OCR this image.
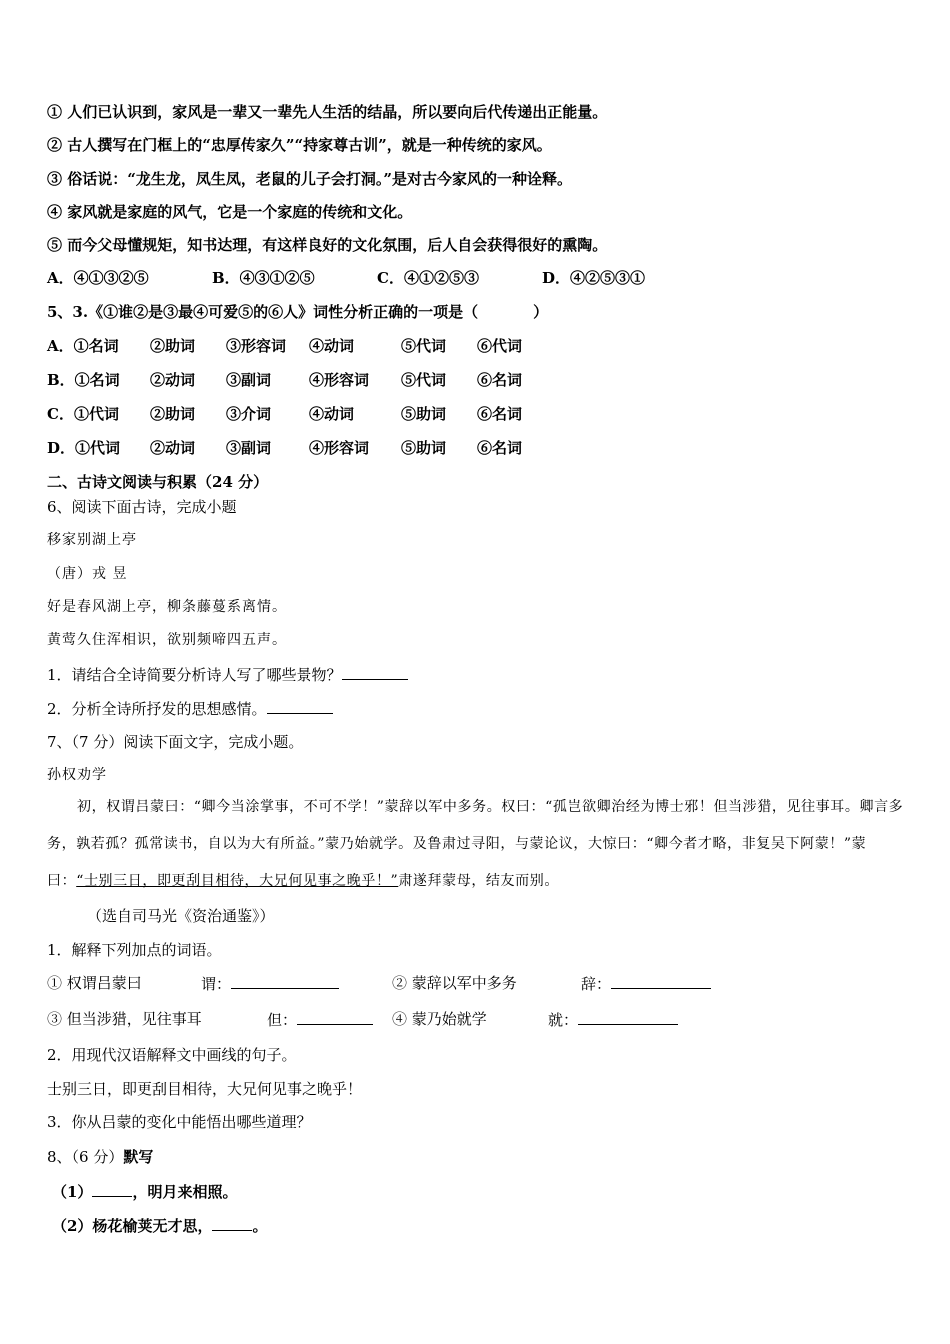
① 人们已认识到，家风是一辈又一辈先人生活的结晶，所以要向后代传递出正能量。
② 古人撰写在门框上的“忠厚传家久”“持家尊古训”，就是一种传统的家风。
③ 俗话说：“龙生龙，凤生凤，老鼠的儿子会打洞。”是对古今家风的一种诠释。
④ 家风就是家庭的风气，它是一个家庭的传统和文化。
⑤ 而今父母懂规矩，知书达理，有这样良好的文化氛围，后人自会获得很好的熏陶。
A．④①③②⑤	B．④③①②⑤	C．④①②⑤③	D．④②⑤③①
5、3.《①谁②是③最④可爱⑤的⑥人》词性分析正确的一项是（	）
A．①名词 ②助词 ③形容词 ④动词	⑤代词 ⑥代词
B．①名词 ②动词 ③副词	④形容词 ⑤代词 ⑥名词
C．①代词 ②助词 ③介词	④动词	⑤助词 ⑥名词
D．①代词 ②动词 ③副词	④形容词 ⑤助词 ⑥名词
二、古诗文阅读与积累（24 分）
6、阅读下面古诗，完成小题
移家别湖上亭
（唐）戎 昱
好是春风湖上亭，柳条藤蔓系离情。
黄莺久住浑相识，欲别频啼四五声。
1．请结合全诗简要分析诗人写了哪些景物？
2．分析全诗所抒发的思想感情。
7、（7 分）阅读下面文字，完成小题。
孙权劝学
初，权谓吕蒙曰：“卿今当涂掌事，不可不学！”蒙辞以军中多务。权曰：“孤岂欲卿治经为博士邪！但当涉猎，见往事耳。卿言多务，孰若孤？孤常读书，自以为大有所益。”蒙乃始就学。及鲁肃过寻阳，与蒙论议，大惊曰：“卿今者才略，非复吴下阿蒙！”蒙曰：“士别三日，即更刮目相待，大兄何见事之晚乎！”肃遂拜蒙母，结友而别。
（选自司马光《资治通鉴》）
1．解释下列加点的词语。
① 权谓吕蒙曰	谓：	② 蒙辞以军中多务	辞：
③ 但当涉猎，见往事耳	但：	④ 蒙乃始就学	就：
2．用现代汉语解释文中画线的句子。
士别三日，即更刮目相待，大兄何见事之晚乎！
3．你从吕蒙的变化中能悟出哪些道理？
8、（6 分）默写
（1）	，明月来相照。
（2）杨花榆荚无才思，	。
